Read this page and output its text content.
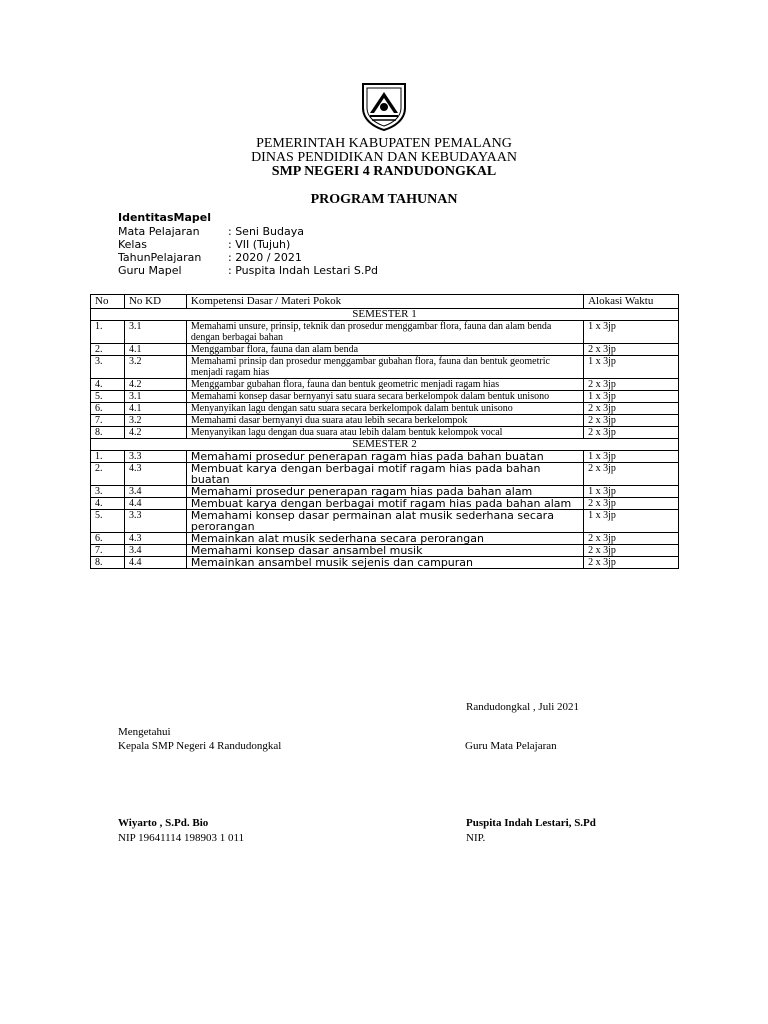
PEMERINTAH KABUPATEN PEMALANG
DINAS PENDIDIKAN DAN KEBUDAYAAN
SMP NEGERI 4 RANDUDONGKAL
PROGRAM TAHUNAN
IdentitasMapel
Mata Pelajaran	: Seni Budaya
Kelas	: VII (Tujuh)
TahunPelajaran : 2020 / 2021
Guru Mapel	: Puspita Indah Lestari S.Pd
No	No KD	Kompetensi Dasar / Materi Pokok	Alokasi Waktu
SEMESTER 1			
1.	3.1	Memahami unsure, prinsip, teknik dan prosedur menggambar flora, fauna dan alam benda dengan berbagai bahan	1 x 3jp
2.	4.1	Menggambar flora, fauna dan alam benda	2 x 3jp
3.	3.2	Memahami prinsip dan prosedur menggambar gubahan flora, fauna dan bentuk geometric menjadi ragam hias	1 x 3jp
4.	4.2	Menggambar gubahan flora, fauna dan bentuk geometric menjadi ragam hias	2 x 3jp
5.	3.1	Memahami konsep dasar bernyanyi satu suara secara berkelompok dalam bentuk unisono	1 x 3jp
6.	4.1	Menyanyikan lagu dengan satu suara secara berkelompok dalam bentuk unisono	2 x 3jp
7.	3.2	Memahami dasar bernyanyi dua suara atau lebih secara berkelompok	2 x 3jp
8.	4.2	Menyanyikan lagu dengan dua suara atau lebih dalam bentuk kelompok vocal	2 x 3jp
SEMESTER 2			
1.	3.3	Memahami prosedur penerapan ragam hias pada bahan buatan	1 x 3jp
2.	4.3	Membuat karya dengan berbagai motif ragam hias pada bahan buatan	2 x 3jp
3.	3.4	Memahami prosedur penerapan ragam hias pada bahan alam	1 x 3jp
4.	4.4	Membuat karya dengan berbagai motif ragam hias pada bahan alam	2 x 3jp
5.	3.3	Memahami konsep dasar permainan alat musik sederhana secara perorangan	1 x 3jp
6.	4.3	Memainkan alat musik sederhana secara perorangan	2 x 3jp
7.	3.4	Memahami konsep dasar ansambel musik	2 x 3jp
8.	4.4	Memainkan ansambel musik sejenis dan campuran	2 x 3jp
Randudongkal , Juli 2021
Mengetahui
Kepala SMP Negeri 4 Randudongkal	Guru Mata Pelajaran
Wiyarto , S.Pd. Bio
NIP 19641114 198903 1 011
Puspita Indah Lestari, S.Pd
NIP.
